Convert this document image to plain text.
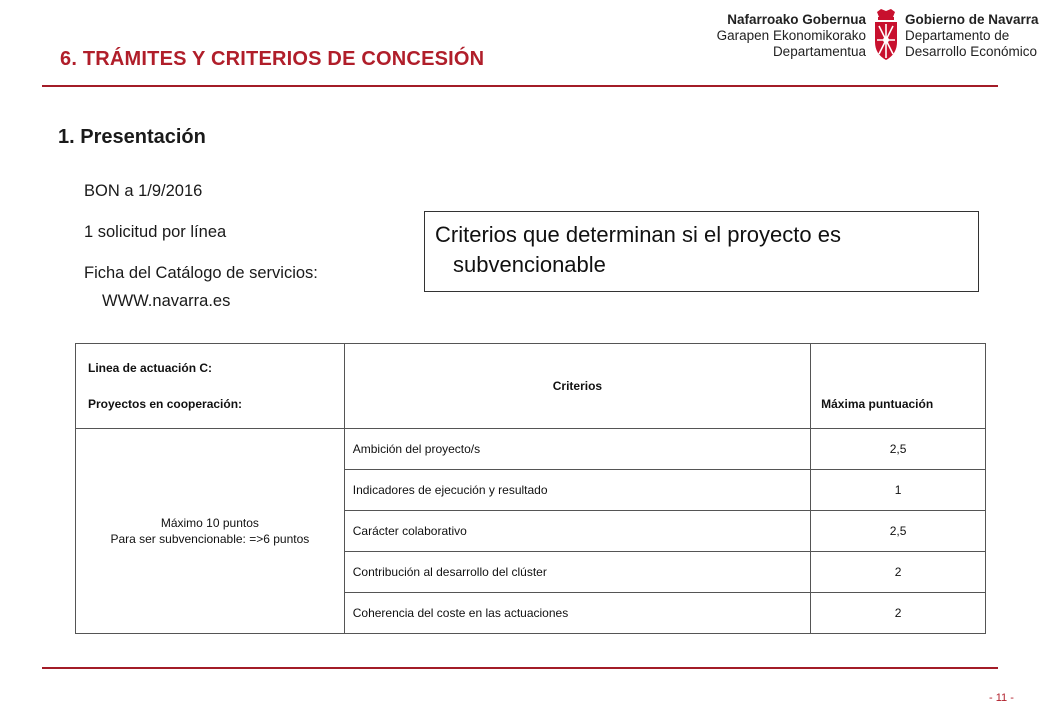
6. TRÁMITES Y CRITERIOS DE CONCESIÓN
Nafarroako Gobernua
Garapen Ekonomikorako
Departamentua
Gobierno de Navarra
Departamento de
Desarrollo Económico
1. Presentación
BON a 1/9/2016
1 solicitud por línea
Ficha del Catálogo de servicios:
WWW.navarra.es
Criterios que determinan si el proyecto es
subvencionable
Linea de actuación C:
Proyectos en cooperación:	Criterios	Máxima puntuación

Máximo 10 puntos
Para ser subvencionable: =>6 puntos	Ambición del proyecto/s	2,5
	Indicadores de ejecución y resultado	1
	Carácter colaborativo	2,5
	Contribución al desarrollo del clúster	2
	Coherencia del coste en las actuaciones	2
- 11 -
